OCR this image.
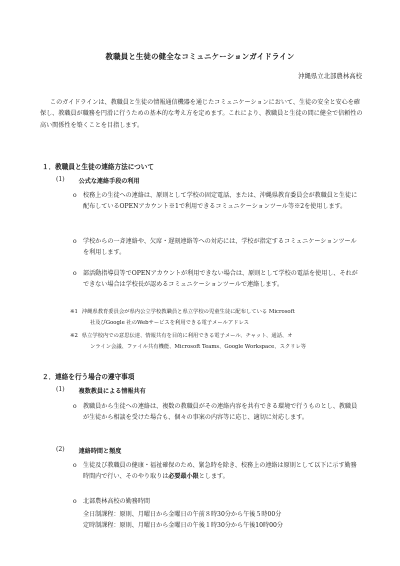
教職員と生徒の健全なコミュニケーションガイドライン
沖縄県立北部農林高校

このガイドラインは、教職員と生徒の情報通信機器を通じたコミュニケーションにおいて、生徒の安全と安心を確保し、教職員が職務を円滑に行うための基本的な考え方を定めます。これにより、教職員と生徒の間に健全で信頼性の高い関係性を築くことを目指します。

１．教職員と生徒の連絡方法について
(1) 公式な連絡手段の利用
o 校務上の生徒への連絡は、原則として学校の固定電話、または、沖縄県教育委員会が教職員と生徒に配布しているOPENアカウント※1で利用できるコミュニケーションツール等※2を使用します。

o 学校からの一斉連絡や、欠席・遅刻連絡等への対応には、学校が指定するコミュニケーションツールを利用します。

o 部活動指導員等でOPENアカウントが利用できない場合は、原則として学校の電話を使用し、それができない場合は学校長が認めるコミュニケーションツールで連絡します。

※1 沖縄県教育委員会が県内公立学校教職員と県立学校の児童生徒に配布している Microsoft

社及びGoogle 社のWebサービスを利用できる電子メールアドレス

※2 県立学校内での意思伝達、情報共有を目的に利用できる電子メール、チャット、通話、オ

ンライン会議、ファイル共有機能、Microsoft Teams、Google Workspace、スクリレ等

２．連絡を行う場合の遵守事項
(1) 複数教員による情報共有
o 教職員から生徒への連絡は、複数の教職員がその連絡内容を共有できる環境で行うものとし、教職員が生徒から相談を受けた場合も、個々の事案の内容等に応じ、適切に対応します。

(2) 連絡時間と頻度
o 生徒及び教職員の健康・福祉確保のため、緊急時を除き、校務上の連絡は原則として以下に示す勤務時間内で行い、そのやり取りは必要最小限とします。

o 北部農林高校の勤務時間

全日制課程：原則、月曜日から金曜日の午前８時30分から午後５時00分

定時制課程：原則、月曜日から金曜日の午後１時30分から午後10時00分
